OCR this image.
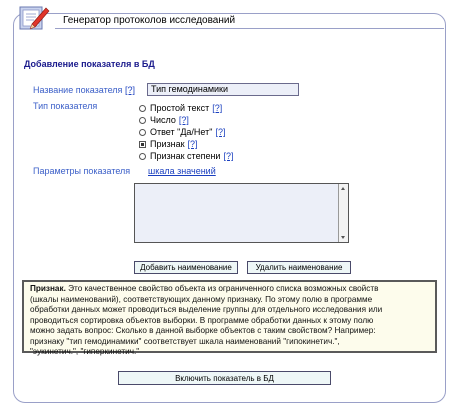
Генератор протоколов исследований
Добавление показателя в БД
Название показателя [?]	Тип гемодинамики
Тип показателя	Простой текст [?]
Число [?]
Ответ "Да/Нет" [?]
Признак [?]
Признак степени [?]
Параметры показателя шкала значений
Добавить наименование	Удалить наименование
Признак. Это качественное свойство объекта из ограниченного списка возможных свойств
(шкалы наименований), соответствующих данному признаку. По этому полю в программе
обработки данных может проводиться выделение группы для отдельного исследования или
проводиться сортировка объектов выборки. В программе обработки данных к этому полю
можно задать вопрос: Сколько в данной выборке объектов с таким свойством? Например:
признаку "тип гемодинамики" соответствует шкала наименований "гипокинетич.",
"эукинетич.", "гиперкинетич."
Включить показатель в БД
